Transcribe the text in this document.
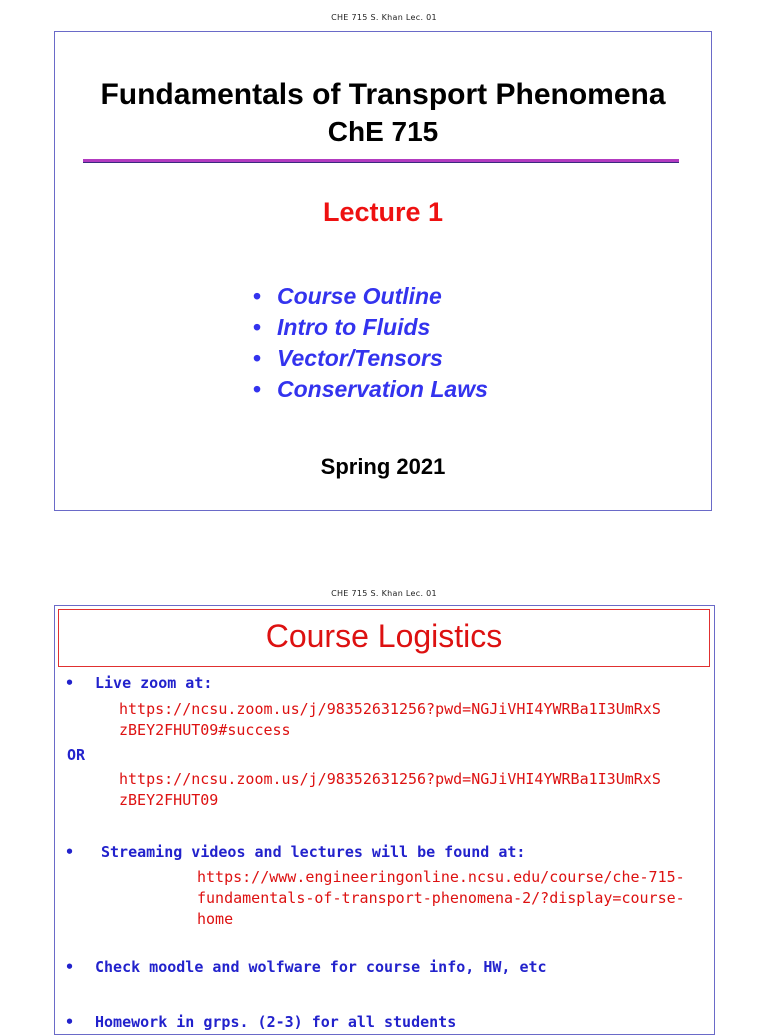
CHE 715 S. Khan Lec. 01
Fundamentals of Transport Phenomena
ChE 715
Lecture 1
• Course Outline
• Intro to Fluids
• Vector/Tensors
• Conservation Laws
Spring 2021
CHE 715 S. Khan Lec. 01
Course Logistics
• Live zoom at:
https://ncsu.zoom.us/j/98352631256?pwd=NGJiVHI4YWRBa1I3UmRxS
zBEY2FHUT09#success
OR
https://ncsu.zoom.us/j/98352631256?pwd=NGJiVHI4YWRBa1I3UmRxS
zBEY2FHUT09
• Streaming videos and lectures will be found at:
https://www.engineeringonline.ncsu.edu/course/che-715-
fundamentals-of-transport-phenomena-2/?display=course-
home
• Check moodle and wolfware for course info, HW, etc
• Homework in grps. (2-3) for all students
